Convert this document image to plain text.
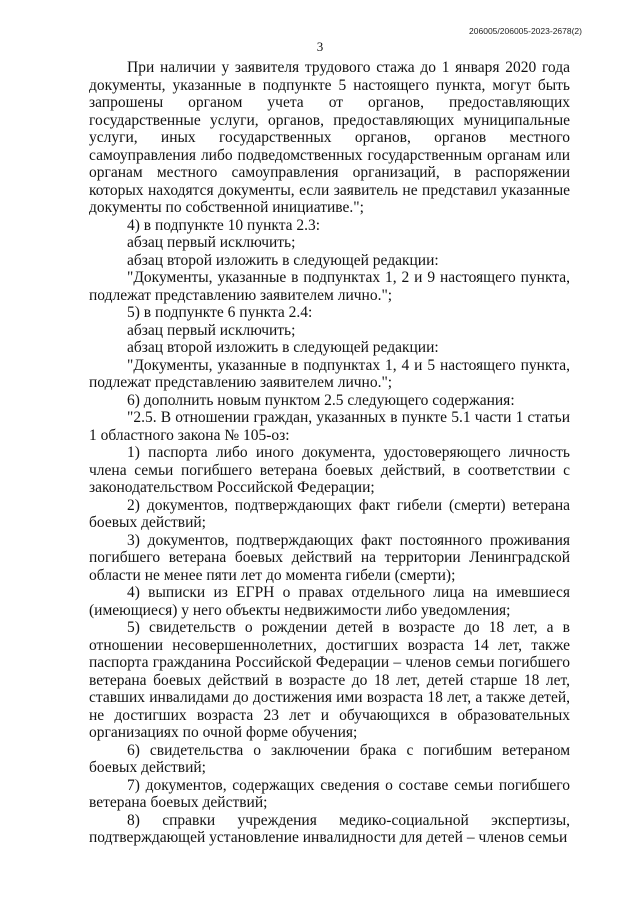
206005/206005-2023-2678(2)
3

При наличии у заявителя трудового стажа до 1 января 2020 года документы, указанные в подпункте 5 настоящего пункта, могут быть запрошены органом учета от органов, предоставляющих государственные услуги, органов, предоставляющих муниципальные услуги, иных государственных органов, органов местного самоуправления либо подведомственных государственным органам или органам местного самоуправления организаций, в распоряжении которых находятся документы, если заявитель не представил указанные документы по собственной инициативе.";

4) в подпункте 10 пункта 2.3:

абзац первый исключить;

абзац второй изложить в следующей редакции:

"Документы, указанные в подпунктах 1, 2 и 9 настоящего пункта, подлежат представлению заявителем лично.";

5) в подпункте 6 пункта 2.4:

абзац первый исключить;

абзац второй изложить в следующей редакции:

"Документы, указанные в подпунктах 1, 4 и 5 настоящего пункта, подлежат представлению заявителем лично.";

6) дополнить новым пунктом 2.5 следующего содержания:

"2.5. В отношении граждан, указанных в пункте 5.1 части 1 статьи 1 областного закона № 105-оз:

1) паспорта либо иного документа, удостоверяющего личность члена семьи погибшего ветерана боевых действий, в соответствии с законодательством Российской Федерации;

2) документов, подтверждающих факт гибели (смерти) ветерана боевых действий;

3) документов, подтверждающих факт постоянного проживания погибшего ветерана боевых действий на территории Ленинградской области не менее пяти лет до момента гибели (смерти);

4) выписки из ЕГРН о правах отдельного лица на имевшиеся (имеющиеся) у него объекты недвижимости либо уведомления;

5) свидетельств о рождении детей в возрасте до 18 лет, а в отношении несовершеннолетних, достигших возраста 14 лет, также паспорта гражданина Российской Федерации – членов семьи погибшего ветерана боевых действий в возрасте до 18 лет, детей старше 18 лет, ставших инвалидами до достижения ими возраста 18 лет, а также детей, не достигших возраста 23 лет и обучающихся в образовательных организациях по очной форме обучения;

6) свидетельства о заключении брака с погибшим ветераном боевых действий;

7) документов, содержащих сведения о составе семьи погибшего ветерана боевых действий;

8) справки учреждения медико-социальной экспертизы, подтверждающей установление инвалидности для детей – членов семьи
